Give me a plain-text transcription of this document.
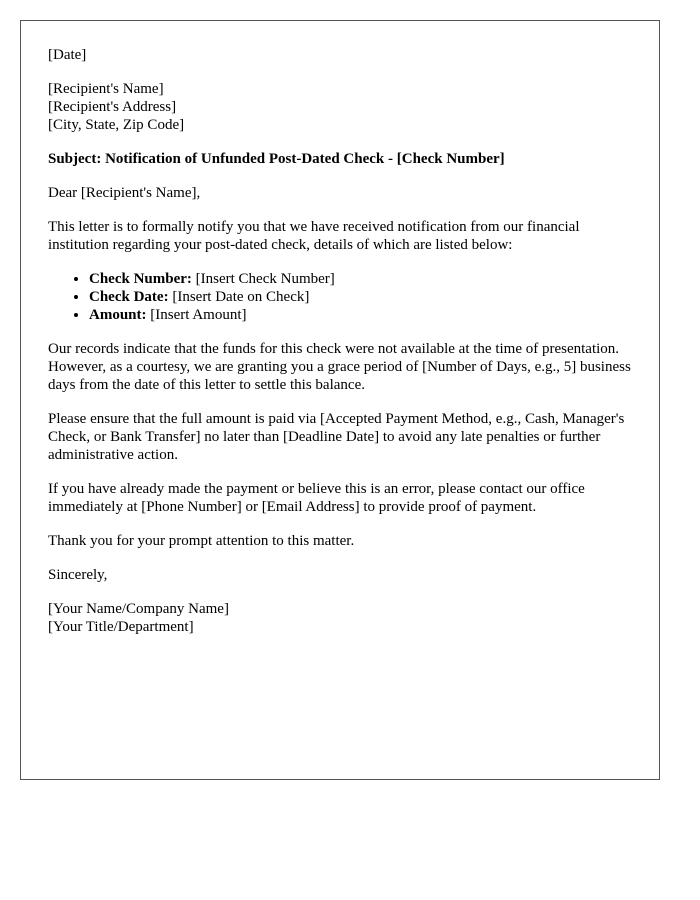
[Date]
[Recipient's Name]
[Recipient's Address]
[City, State, Zip Code]
Subject: Notification of Unfunded Post-Dated Check - [Check Number]

Dear [Recipient's Name],

This letter is to formally notify you that we have received notification from our financial institution regarding your post-dated check, details of which are listed below:

• Check Number: [Insert Check Number]
• Check Date: [Insert Date on Check]
• Amount: [Insert Amount]

Our records indicate that the funds for this check were not available at the time of presentation. However, as a courtesy, we are granting you a grace period of [Number of Days, e.g., 5] business days from the date of this letter to settle this balance.

Please ensure that the full amount is paid via [Accepted Payment Method, e.g., Cash, Manager's Check, or Bank Transfer] no later than [Deadline Date] to avoid any late penalties or further administrative action.

If you have already made the payment or believe this is an error, please contact our office immediately at [Phone Number] or [Email Address] to provide proof of payment.

Thank you for your prompt attention to this matter.

Sincerely,

[Your Name/Company Name]
[Your Title/Department]
